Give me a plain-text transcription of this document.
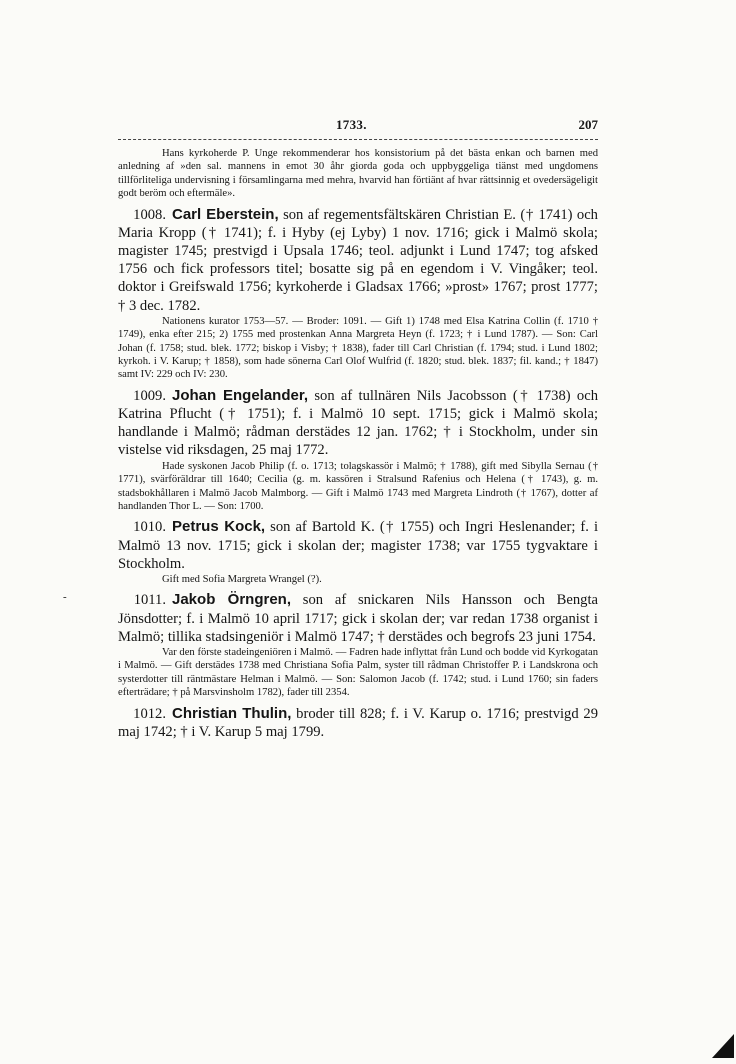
1733.	207
-

Hans kyrkoherde P. Unge rekommenderar hos konsistorium på det bästa enkan och barnen med anledning af »den sal. mannens in emot 30 åhr giorda goda och uppbyggeliga tiänst med ungdomens tillförliteliga undervisning i församlingarna med mehra, hvarvid han förtiänt af hvar rättsinnig et ovedersägeligit godt beröm och eftermäle».

1008. Carl Eberstein, son af regementsfältskären Christian E. († 1741) och Maria Kropp († 1741); f. i Hyby (ej Lyby) 1 nov. 1716; gick i Malmö skola; magister 1745; prestvigd i Upsala 1746; teol. adjunkt i Lund 1747; tog afsked 1756 och fick professors titel; bosatte sig på en egendom i V. Vingåker; teol. doktor i Greifswald 1756; kyrkoherde i Gladsax 1766; »prost» 1767; prost 1777; † 3 dec. 1782.

Nationens kurator 1753—57. — Broder: 1091. — Gift 1) 1748 med Elsa Katrina Collin (f. 1710 † 1749), enka efter 215; 2) 1755 med prostenkan Anna Margreta Heyn (f. 1723; † i Lund 1787). — Son: Carl Johan (f. 1758; stud. blek. 1772; biskop i Visby; † 1838), fader till Carl Christian (f. 1794; stud. i Lund 1802; kyrkoh. i V. Karup; † 1858), som hade sönerna Carl Olof Wulfrid (f. 1820; stud. blek. 1837; fil. kand.; † 1847) samt IV: 229 och IV: 230.

1009. Johan Engelander, son af tullnären Nils Jacobsson († 1738) och Katrina Pflucht († 1751); f. i Malmö 10 sept. 1715; gick i Malmö skola; handlande i Malmö; rådman derstädes 12 jan. 1762; † i Stockholm, under sin vistelse vid riksdagen, 25 maj 1772.

Hade syskonen Jacob Philip (f. o. 1713; tolagskassör i Malmö; † 1788), gift med Sibylla Sernau († 1771), svärföräldrar till 1640; Cecilia (g. m. kassören i Stralsund Rafenius och Helena († 1743), g. m. stadsbokhållaren i Malmö Jacob Malmborg. — Gift i Malmö 1743 med Margreta Lindroth († 1767), dotter af handlanden Thor L. — Son: 1700.

1010. Petrus Kock, son af Bartold K. († 1755) och Ingri Heslenander; f. i Malmö 13 nov. 1715; gick i skolan der; magister 1738; var 1755 tygvaktare i Stockholm.

Gift med Sofia Margreta Wrangel (?).

1011. Jakob Örngren, son af snickaren Nils Hansson och Bengta Jönsdotter; f. i Malmö 10 april 1717; gick i skolan der; var redan 1738 organist i Malmö; tillika stadsingeniör i Malmö 1747; † derstädes och begrofs 23 juni 1754.

Var den förste stadeingeniören i Malmö. — Fadren hade inflyttat från Lund och bodde vid Kyrkogatan i Malmö. — Gift derstädes 1738 med Christiana Sofia Palm, syster till rådman Christoffer P. i Landskrona och systerdotter till räntmästare Helman i Malmö. — Son: Salomon Jacob (f. 1742; stud. i Lund 1760; sin faders efterträdare; † på Marsvinsholm 1782), fader till 2354.

1012. Christian Thulin, broder till 828; f. i V. Karup o. 1716; prestvigd 29 maj 1742; † i V. Karup 5 maj 1799.
